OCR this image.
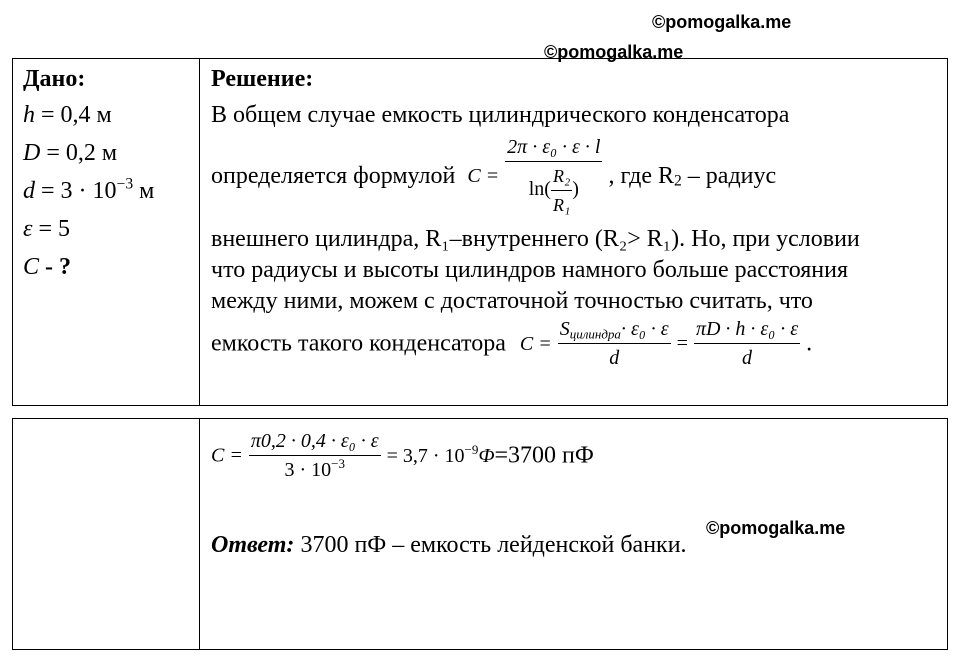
©pomogalka.me
©pomogalka.me
Дано:
h = 0,4 м
D = 0,2 м
$d = 3 \cdot 10^{-3}$ м
ε = 5
C - ?
Решение:
В общем случае емкость цилиндрического конденсатора
определяется формулой $C = \frac{\text{2π · ε₀ · ε · l}}{\ln( \frac{\text{R₂}}{\text{R₁}} )}$ , где $R_2$ – радиус
внешнего цилиндра, R₁–внутреннего (R₂> R₁). Но, при условии
что радиусы и высоты цилиндров намного больше расстояния
между ними, можем с достаточной точностью считать, что
емкость такого конденсатора $C = \frac{S_{цилиндра}\cdot \varepsilon_0 \cdot \varepsilon}{d} = \frac{\text{πD · h · ε₀ · ε}}{d}$ .
$C = \frac{\text{π0,2 · 0,4 · ε₀ · ε}}{3 \cdot 10^{-3}} = 3,7 \cdot 10^{-9}Ф=3700$ пФ
Ответ: 3700 пФ – емкость лейденской банки.
©pomogalka.me
